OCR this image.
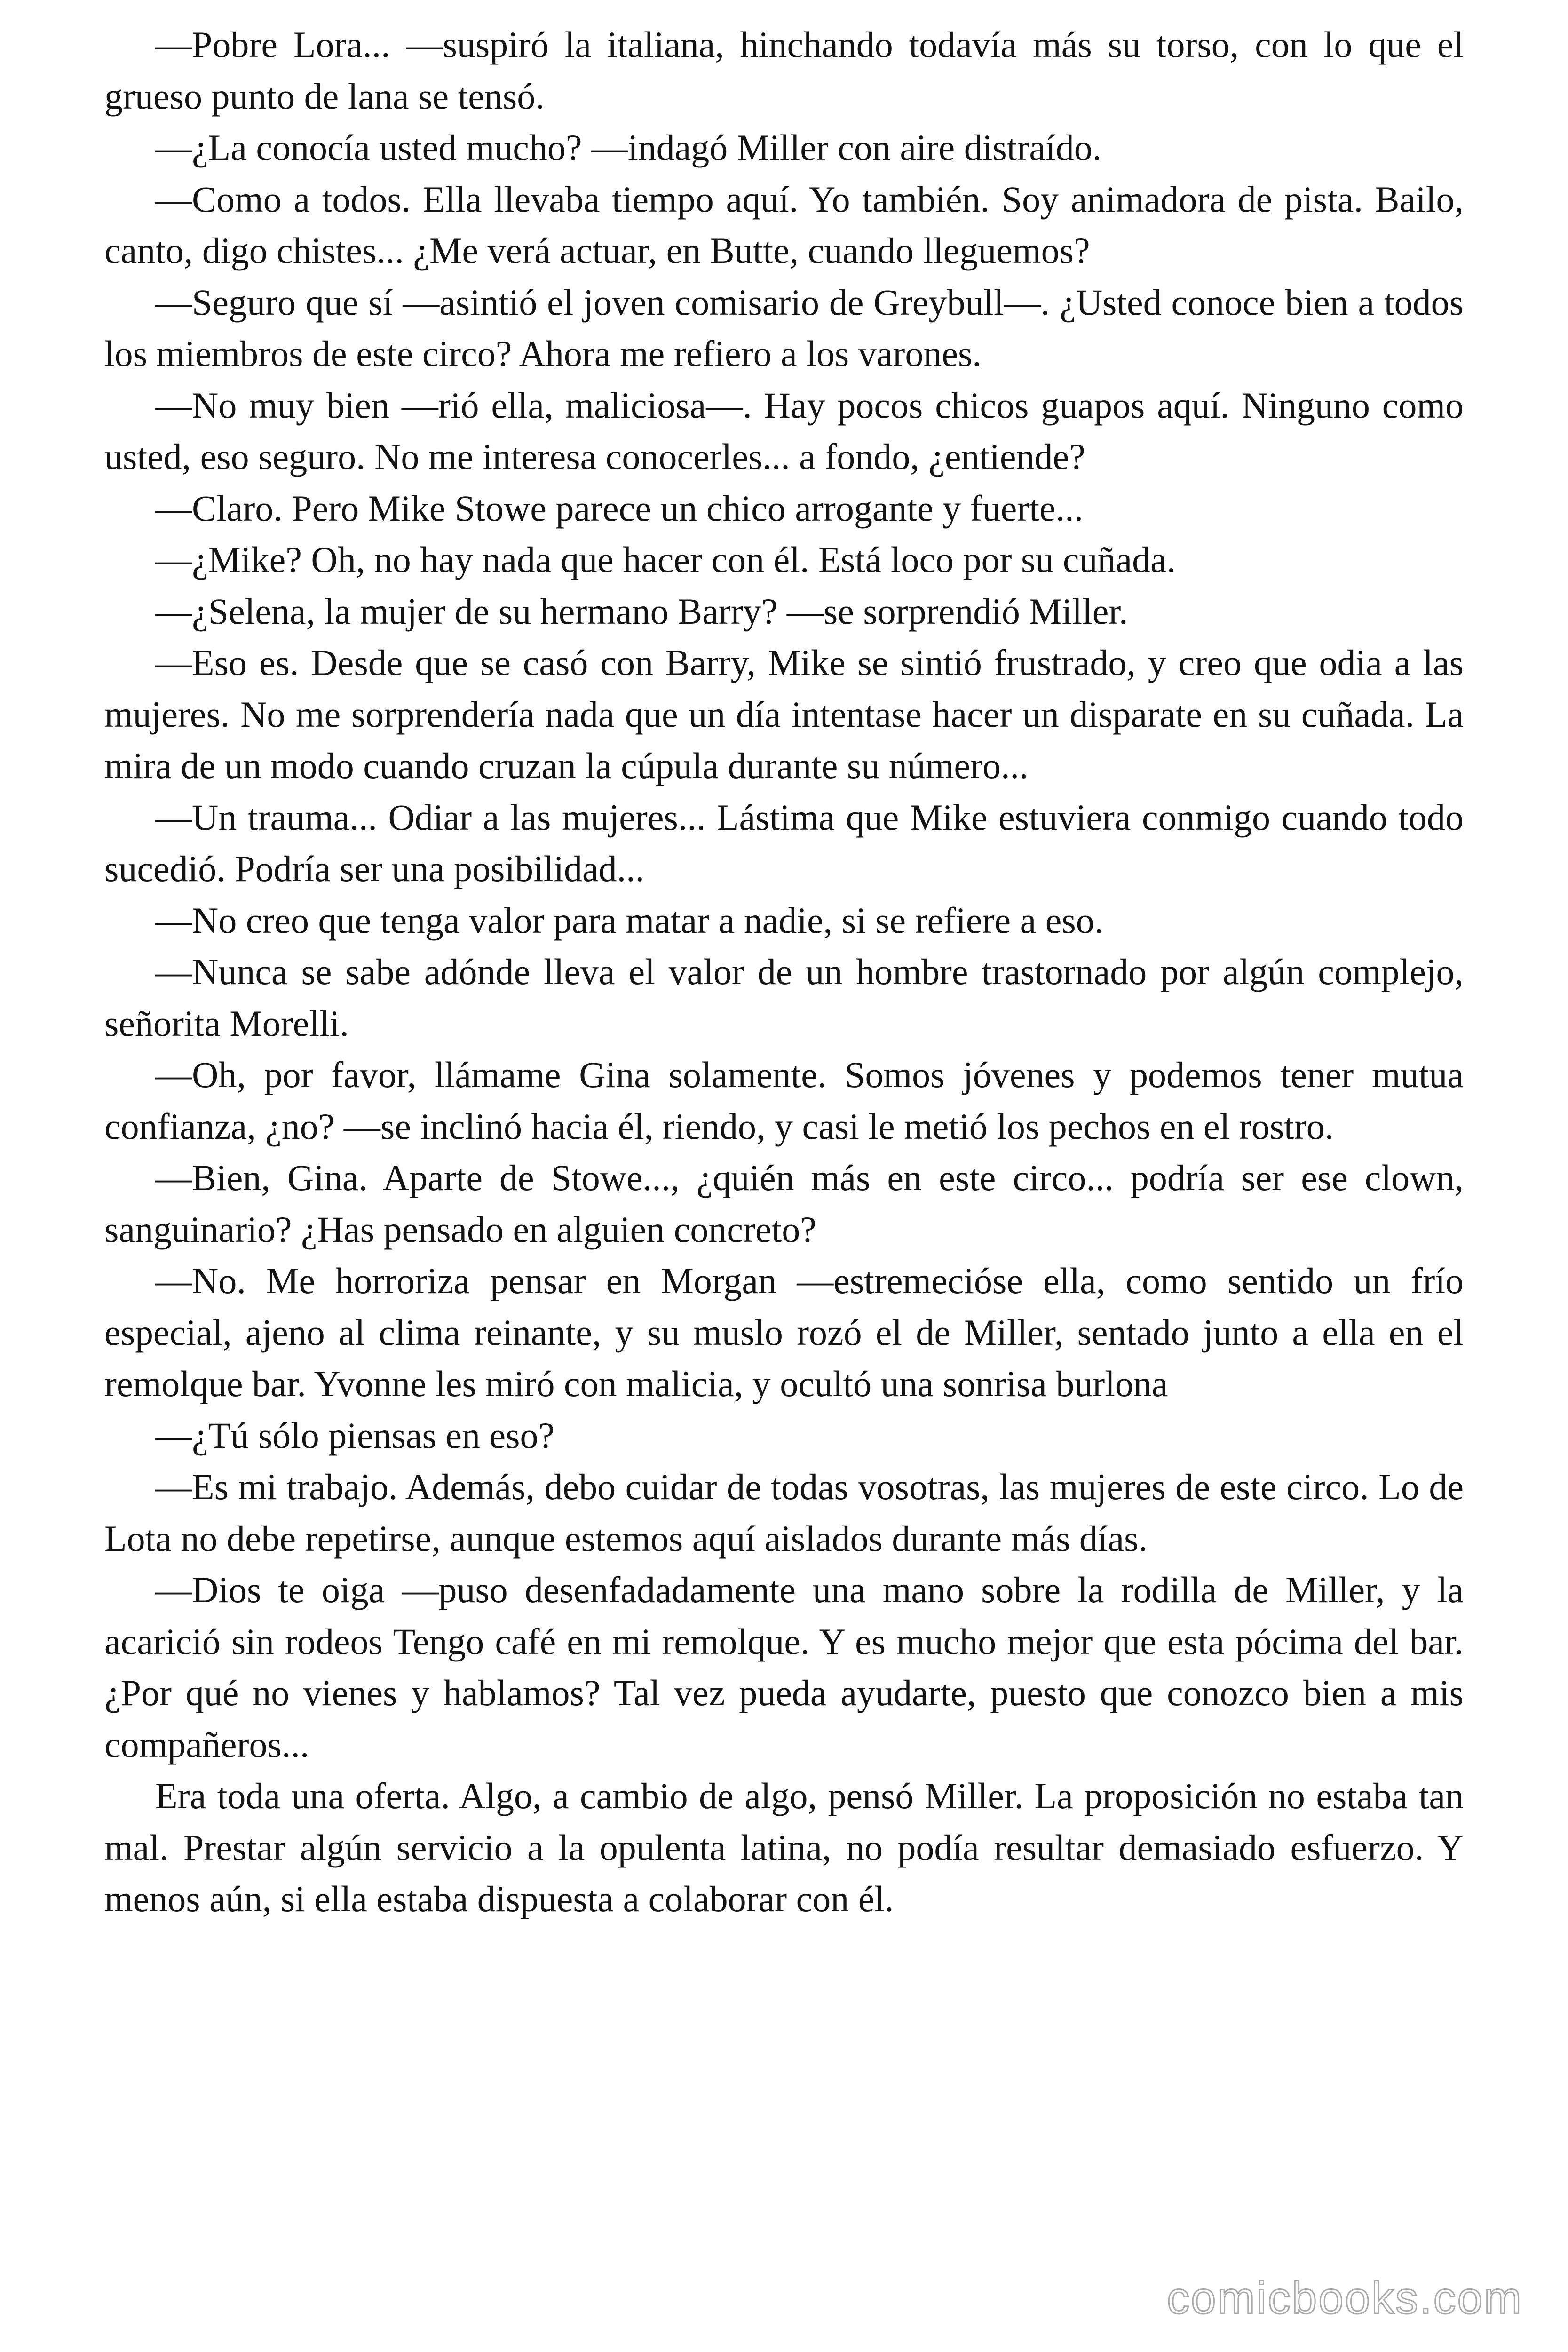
—Pobre Lora... —suspiró la italiana, hinchando todavía más su torso, con lo que el grueso punto de lana se tensó.

—¿La conocía usted mucho? —indagó Miller con aire distraído.

—Como a todos. Ella llevaba tiempo aquí. Yo también. Soy animadora de pista. Bailo, canto, digo chistes... ¿Me verá actuar, en Butte, cuando lleguemos?

—Seguro que sí —asintió el joven comisario de Greybull—. ¿Usted conoce bien a todos los miembros de este circo? Ahora me refiero a los varones.

—No muy bien —rió ella, maliciosa—. Hay pocos chicos guapos aquí. Ninguno como usted, eso seguro. No me interesa conocerles... a fondo, ¿entiende?

—Claro. Pero Mike Stowe parece un chico arrogante y fuerte...

—¿Mike? Oh, no hay nada que hacer con él. Está loco por su cuñada.

—¿Selena, la mujer de su hermano Barry? —se sorprendió Miller.

—Eso es. Desde que se casó con Barry, Mike se sintió frustrado, y creo que odia a las mujeres. No me sorprendería nada que un día intentase hacer un disparate en su cuñada. La mira de un modo cuando cruzan la cúpula durante su número...

—Un trauma... Odiar a las mujeres... Lástima que Mike estuviera conmigo cuando todo sucedió. Podría ser una posibilidad...

—No creo que tenga valor para matar a nadie, si se refiere a eso.

—Nunca se sabe adónde lleva el valor de un hombre trastornado por algún complejo, señorita Morelli.

—Oh, por favor, llámame Gina solamente. Somos jóvenes y podemos tener mutua confianza, ¿no? —se inclinó hacia él, riendo, y casi le metió los pechos en el rostro.

—Bien, Gina. Aparte de Stowe..., ¿quién más en este circo... podría ser ese clown, sanguinario? ¿Has pensado en alguien concreto?

—No. Me horroriza pensar en Morgan —estremecióse ella, como sentido un frío especial, ajeno al clima reinante, y su muslo rozó el de Miller, sentado junto a ella en el remolque bar. Yvonne les miró con malicia, y ocultó una sonrisa burlona

—¿Tú sólo piensas en eso?

—Es mi trabajo. Además, debo cuidar de todas vosotras, las mujeres de este circo. Lo de Lota no debe repetirse, aunque estemos aquí aislados durante más días.

—Dios te oiga —puso desenfadadamente una mano sobre la rodilla de Miller, y la acarició sin rodeos Tengo café en mi remolque. Y es mucho mejor que esta pócima del bar. ¿Por qué no vienes y hablamos? Tal vez pueda ayudarte, puesto que conozco bien a mis compañeros...

Era toda una oferta. Algo, a cambio de algo, pensó Miller. La proposición no estaba tan mal. Prestar algún servicio a la opulenta latina, no podía resultar demasiado esfuerzo. Y menos aún, si ella estaba dispuesta a colaborar con él.

comicbooks.com
